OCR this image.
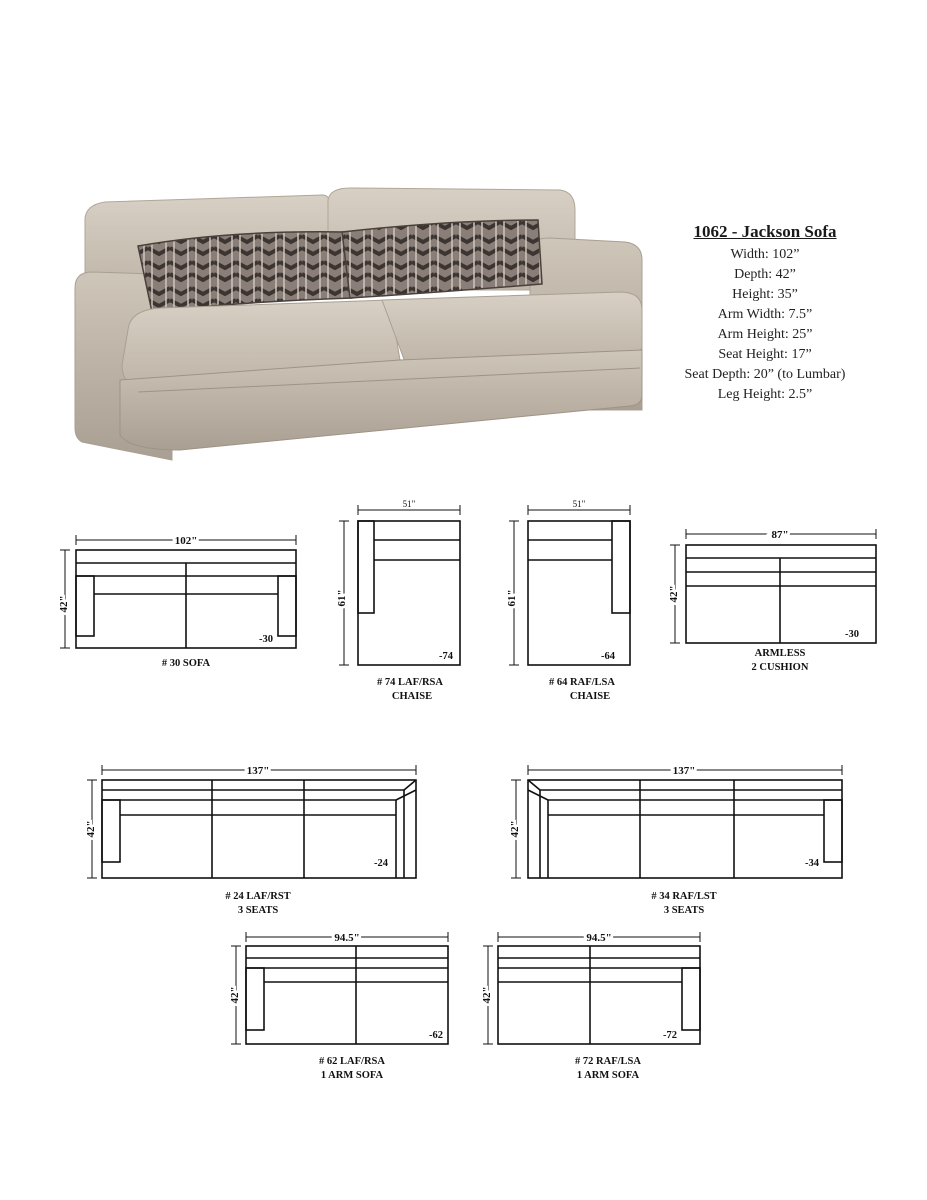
1062 - Jackson Sofa
Width: 102”
Depth: 42”
Height: 35”
Arm Width: 7.5”
Arm Height: 25”
Seat Height: 17”
Seat Depth: 20” (to Lumbar)
Leg Height: 2.5”
102"
42"
-30
# 30 SOFA
51"
61"
-74
# 74 LAF/RSA
CHAISE
51"
61"
-64
# 64 RAF/LSA
CHAISE
87"
42"
-30
ARMLESS
2 CUSHION
137"
42"
-24
# 24 LAF/RST
3 SEATS
137"
42"
-34
# 34 RAF/LST
3 SEATS
94.5"
42"
-62
# 62 LAF/RSA
1 ARM SOFA
94.5"
42"
-72
# 72 RAF/LSA
1 ARM SOFA
